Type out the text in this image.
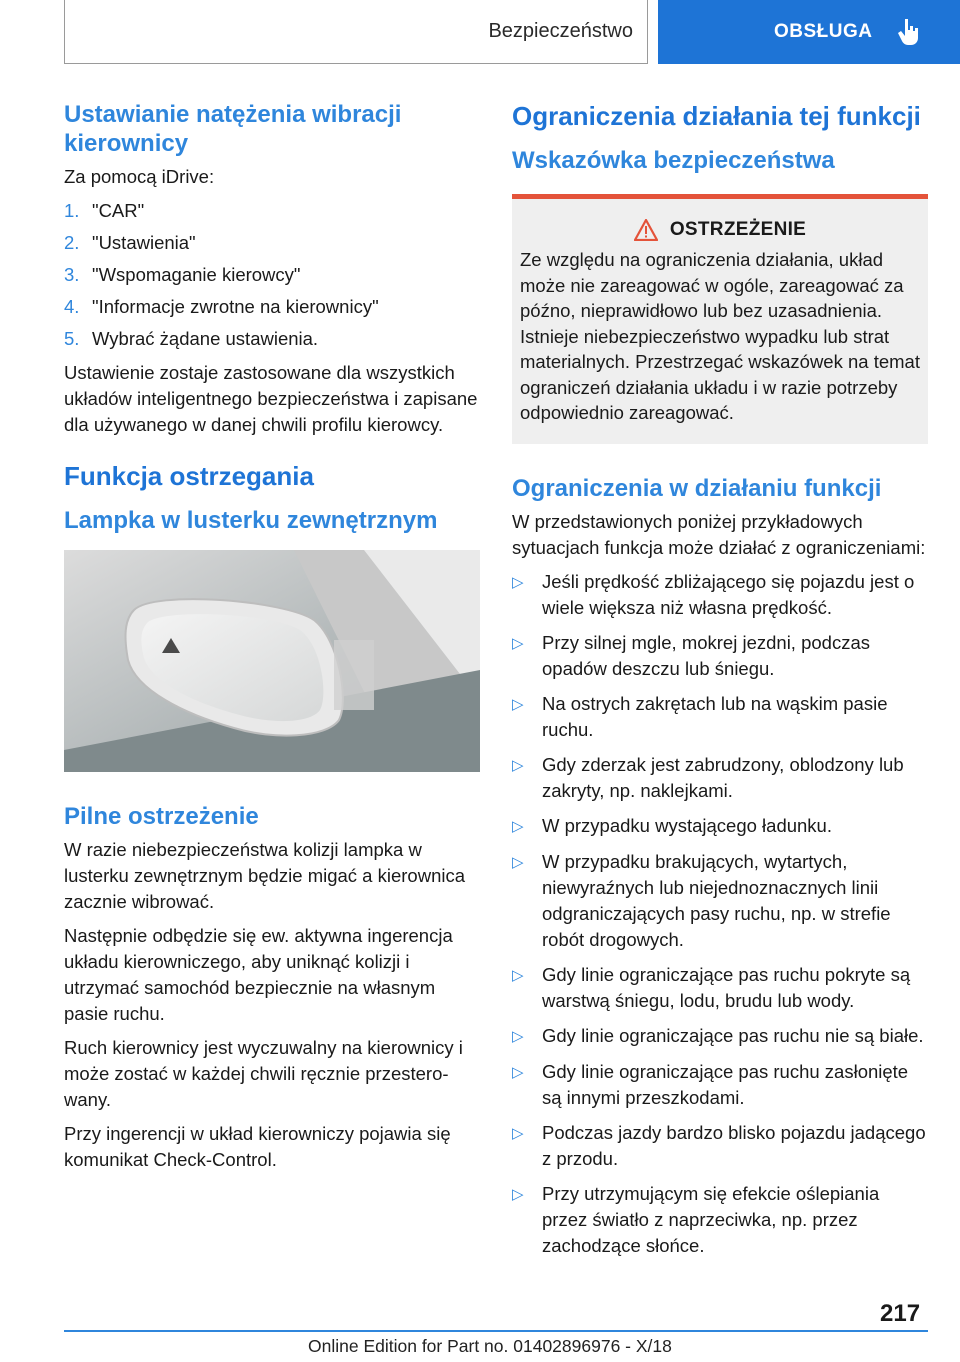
Bezpieczeństwo	OBSŁUGA
Ustawianie natężenia wibracji kierownicy

Za pomocą iDrive:

1. "CAR"
2. "Ustawienia"
3. "Wspomaganie kierowcy"
4. "Informacje zwrotne na kierownicy"
5. Wybrać żądane ustawienia.

Ustawienie zostaje zastosowane dla wszystkich układów inteligentnego bezpieczeństwa i zapisane dla używanego w danej chwili profilu kierowcy.

Funkcja ostrzegania
Lampka w lusterku zewnętrznym
Pilne ostrzeżenie

W razie niebezpieczeństwa kolizji lampka w lusterku zewnętrznym będzie migać a kierownica zacznie wibrować.

Następnie odbędzie się ew. aktywna ingerencja układu kierowniczego, aby uniknąć kolizji i utrzymać samochód bezpiecznie na własnym pasie ruchu.

Ruch kierownicy jest wyczuwalny na kierownicy i może zostać w każdej chwili ręcznie przestero-wany.

Przy ingerencji w układ kierowniczy pojawia się komunikat Check-Control.

Ograniczenia działania tej funkcji
Wskazówka bezpieczeństwa
OSTRZEŻENIE

Ze względu na ograniczenia działania, układ może nie zareagować w ogóle, zareagować za późno, nieprawidłowo lub bez uzasadnienia. Istnieje niebezpieczeństwo wypadku lub strat materialnych. Przestrzegać wskazówek na temat ograniczeń działania układu i w razie potrzeby odpowiednio zareagować.

Ograniczenia w działaniu funkcji

W przedstawionych poniżej przykładowych sytuacjach funkcja może działać z ograniczeniami:

▷ Jeśli prędkość zbliżającego się pojazdu jest o wiele większa niż własna prędkość.
▷ Przy silnej mgle, mokrej jezdni, podczas opadów deszczu lub śniegu.
▷ Na ostrych zakrętach lub na wąskim pasie ruchu.
▷ Gdy zderzak jest zabrudzony, oblodzony lub zakryty, np. naklejkami.
▷ W przypadku wystającego ładunku.
▷ W przypadku brakujących, wytartych, niewyraźnych lub niejednoznacznych linii odgraniczających pasy ruchu, np. w strefie robót drogowych.
▷ Gdy linie ograniczające pas ruchu pokryte są warstwą śniegu, lodu, brudu lub wody.
▷ Gdy linie ograniczające pas ruchu nie są białe.
▷ Gdy linie ograniczające pas ruchu zasłonięte są innymi przeszkodami.
▷ Podczas jazdy bardzo blisko pojazdu jadącego z przodu.
▷ Przy utrzymującym się efekcie oślepiania przez światło z naprzeciwka, np. przez zachodzące słońce.
217
Online Edition for Part no. 01402896976 - X/18
